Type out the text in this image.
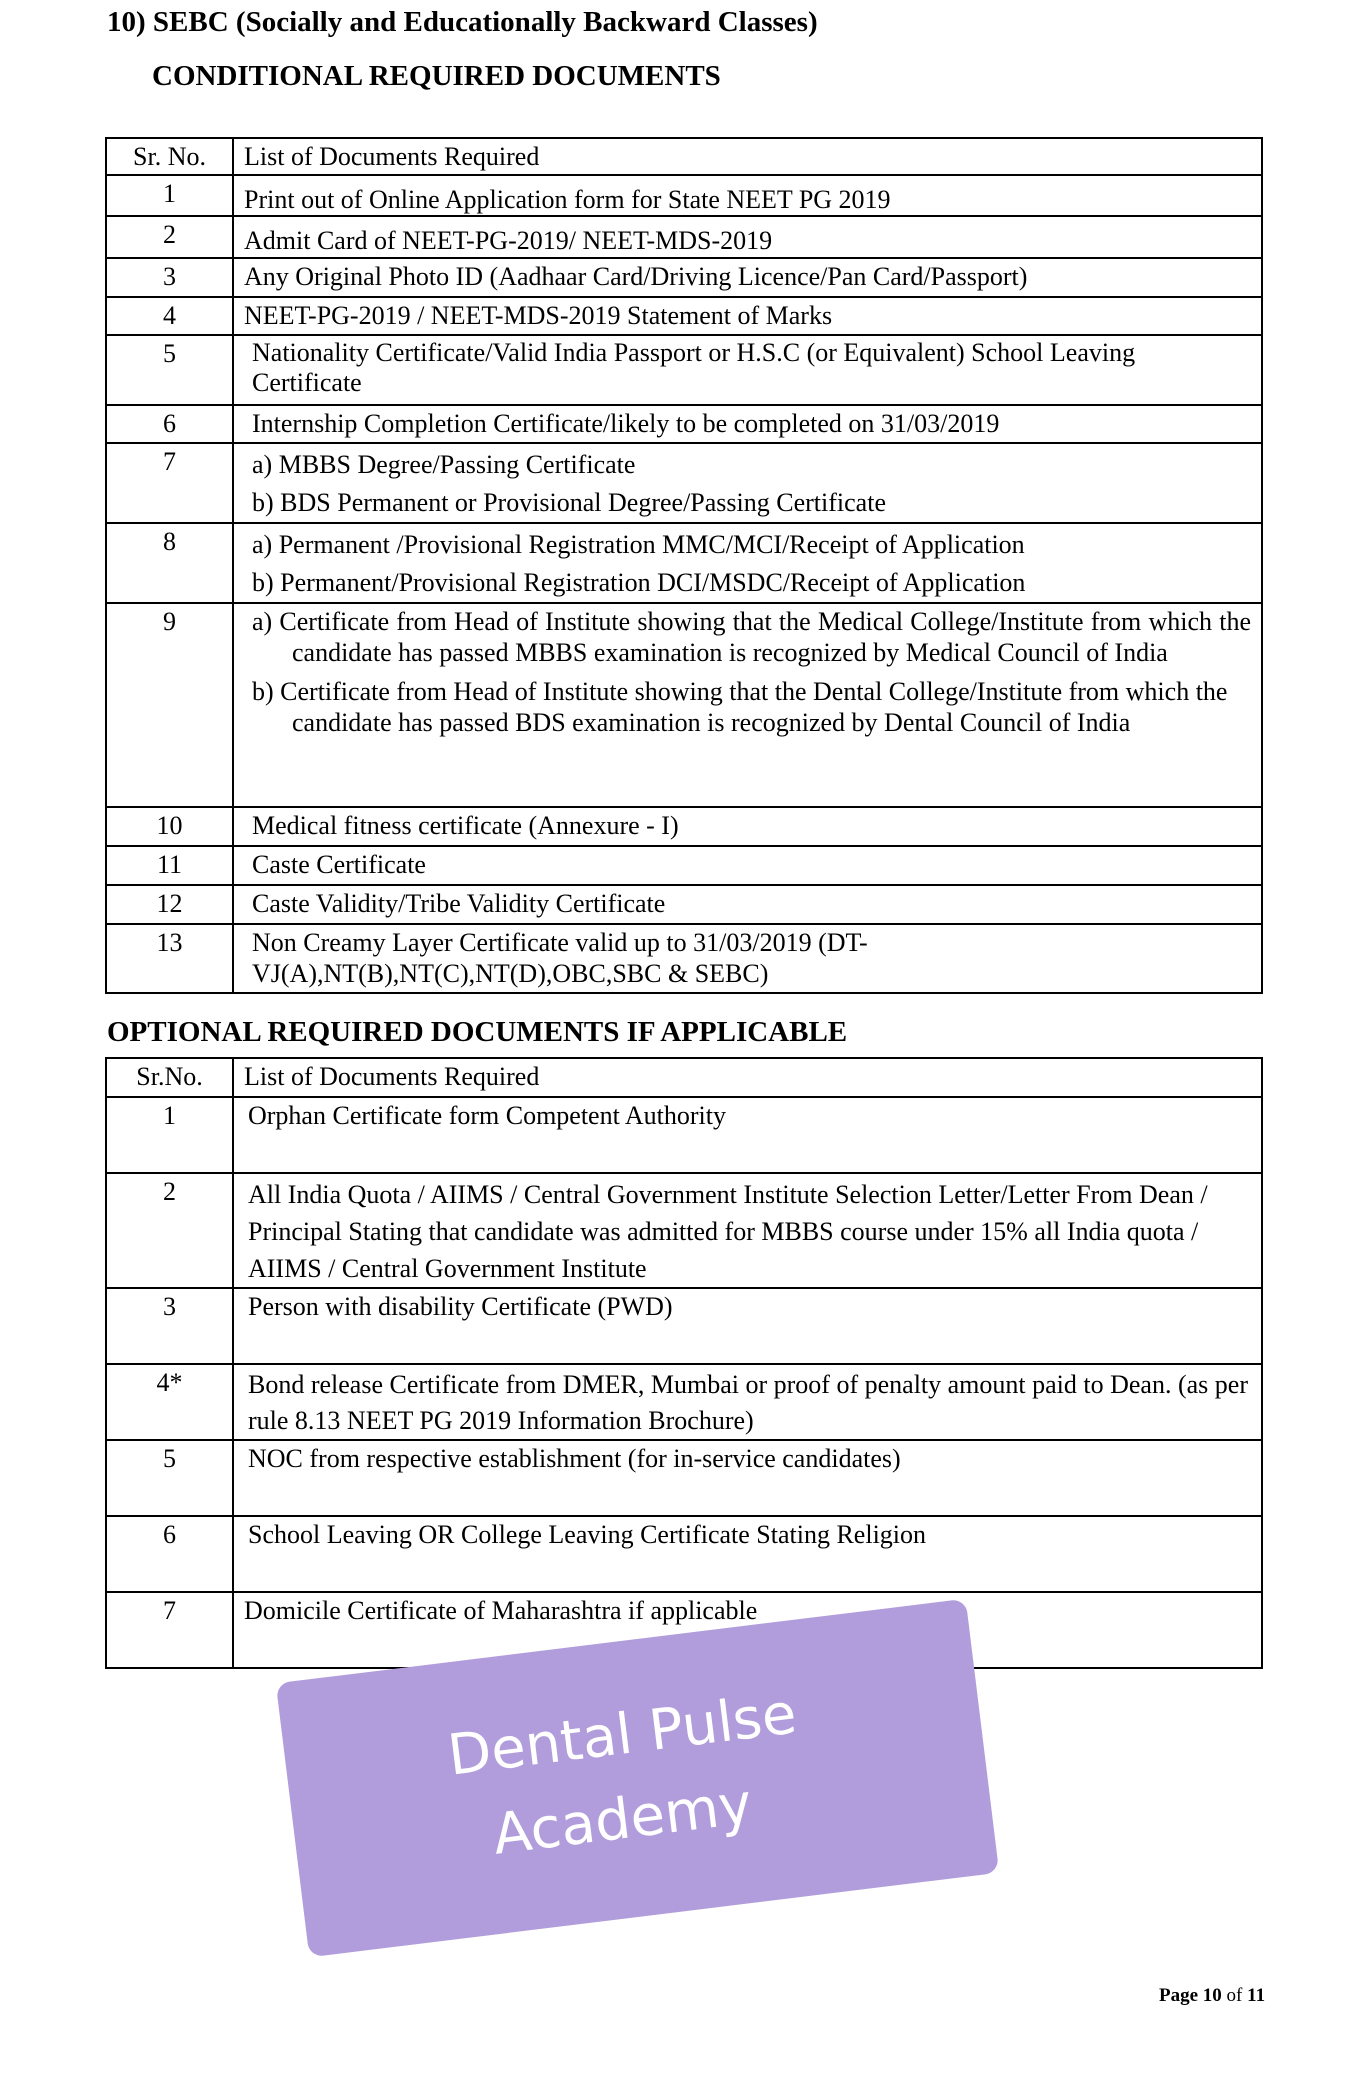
10) SEBC (Socially and Educationally Backward Classes)
CONDITIONAL REQUIRED DOCUMENTS
Sr. No.	List of Documents Required
1	Print out of Online Application form for State NEET PG 2019

2	Admit Card of NEET-PG-2019/ NEET-MDS-2019

3	Any Original Photo ID (Aadhaar Card/Driving Licence/Pan Card/Passport)

4	NEET-PG-2019 / NEET-MDS-2019 Statement of Marks

5	Nationality Certificate/Valid India Passport or H.S.C (or Equivalent) School Leaving Certificate

6	Internship Completion Certificate/likely to be completed on 31/03/2019

7	a) MBBS Degree/Passing Certificate
b) BDS Permanent or Provisional Degree/Passing Certificate

8	a) Permanent /Provisional Registration MMC/MCI/Receipt of Application
b) Permanent/Provisional Registration DCI/MSDC/Receipt of Application

9	a) Certificate from Head of Institute showing that the Medical College/Institute from which the candidate has passed MBBS examination is recognized by Medical Council of India
b) Certificate from Head of Institute showing that the Dental College/Institute from which the candidate has passed BDS examination is recognized by Dental Council of India

10	Medical fitness certificate (Annexure - I)

11	Caste Certificate

12	Caste Validity/Tribe Validity Certificate

13	Non Creamy Layer Certificate valid up to 31/03/2019 (DT-VJ(A),NT(B),NT(C),NT(D),OBC,SBC & SEBC)
OPTIONAL REQUIRED DOCUMENTS IF APPLICABLE
Sr.No.	List of Documents Required
1	Orphan Certificate form Competent Authority
2	All India Quota / AIIMS / Central Government Institute Selection Letter/Letter From Dean / Principal Stating that candidate was admitted for MBBS course under 15% all India quota / AIIMS / Central Government Institute
3	Person with disability Certificate (PWD)
4*	Bond release Certificate from DMER, Mumbai or proof of penalty amount paid to Dean. (as per rule 8.13 NEET PG 2019 Information Brochure)
5	NOC from respective establishment (for in-service candidates)
6	School Leaving OR College Leaving Certificate Stating Religion
7	Domicile Certificate of Maharashtra if applicable
Dental Pulse
Academy
Page 10 of 11
